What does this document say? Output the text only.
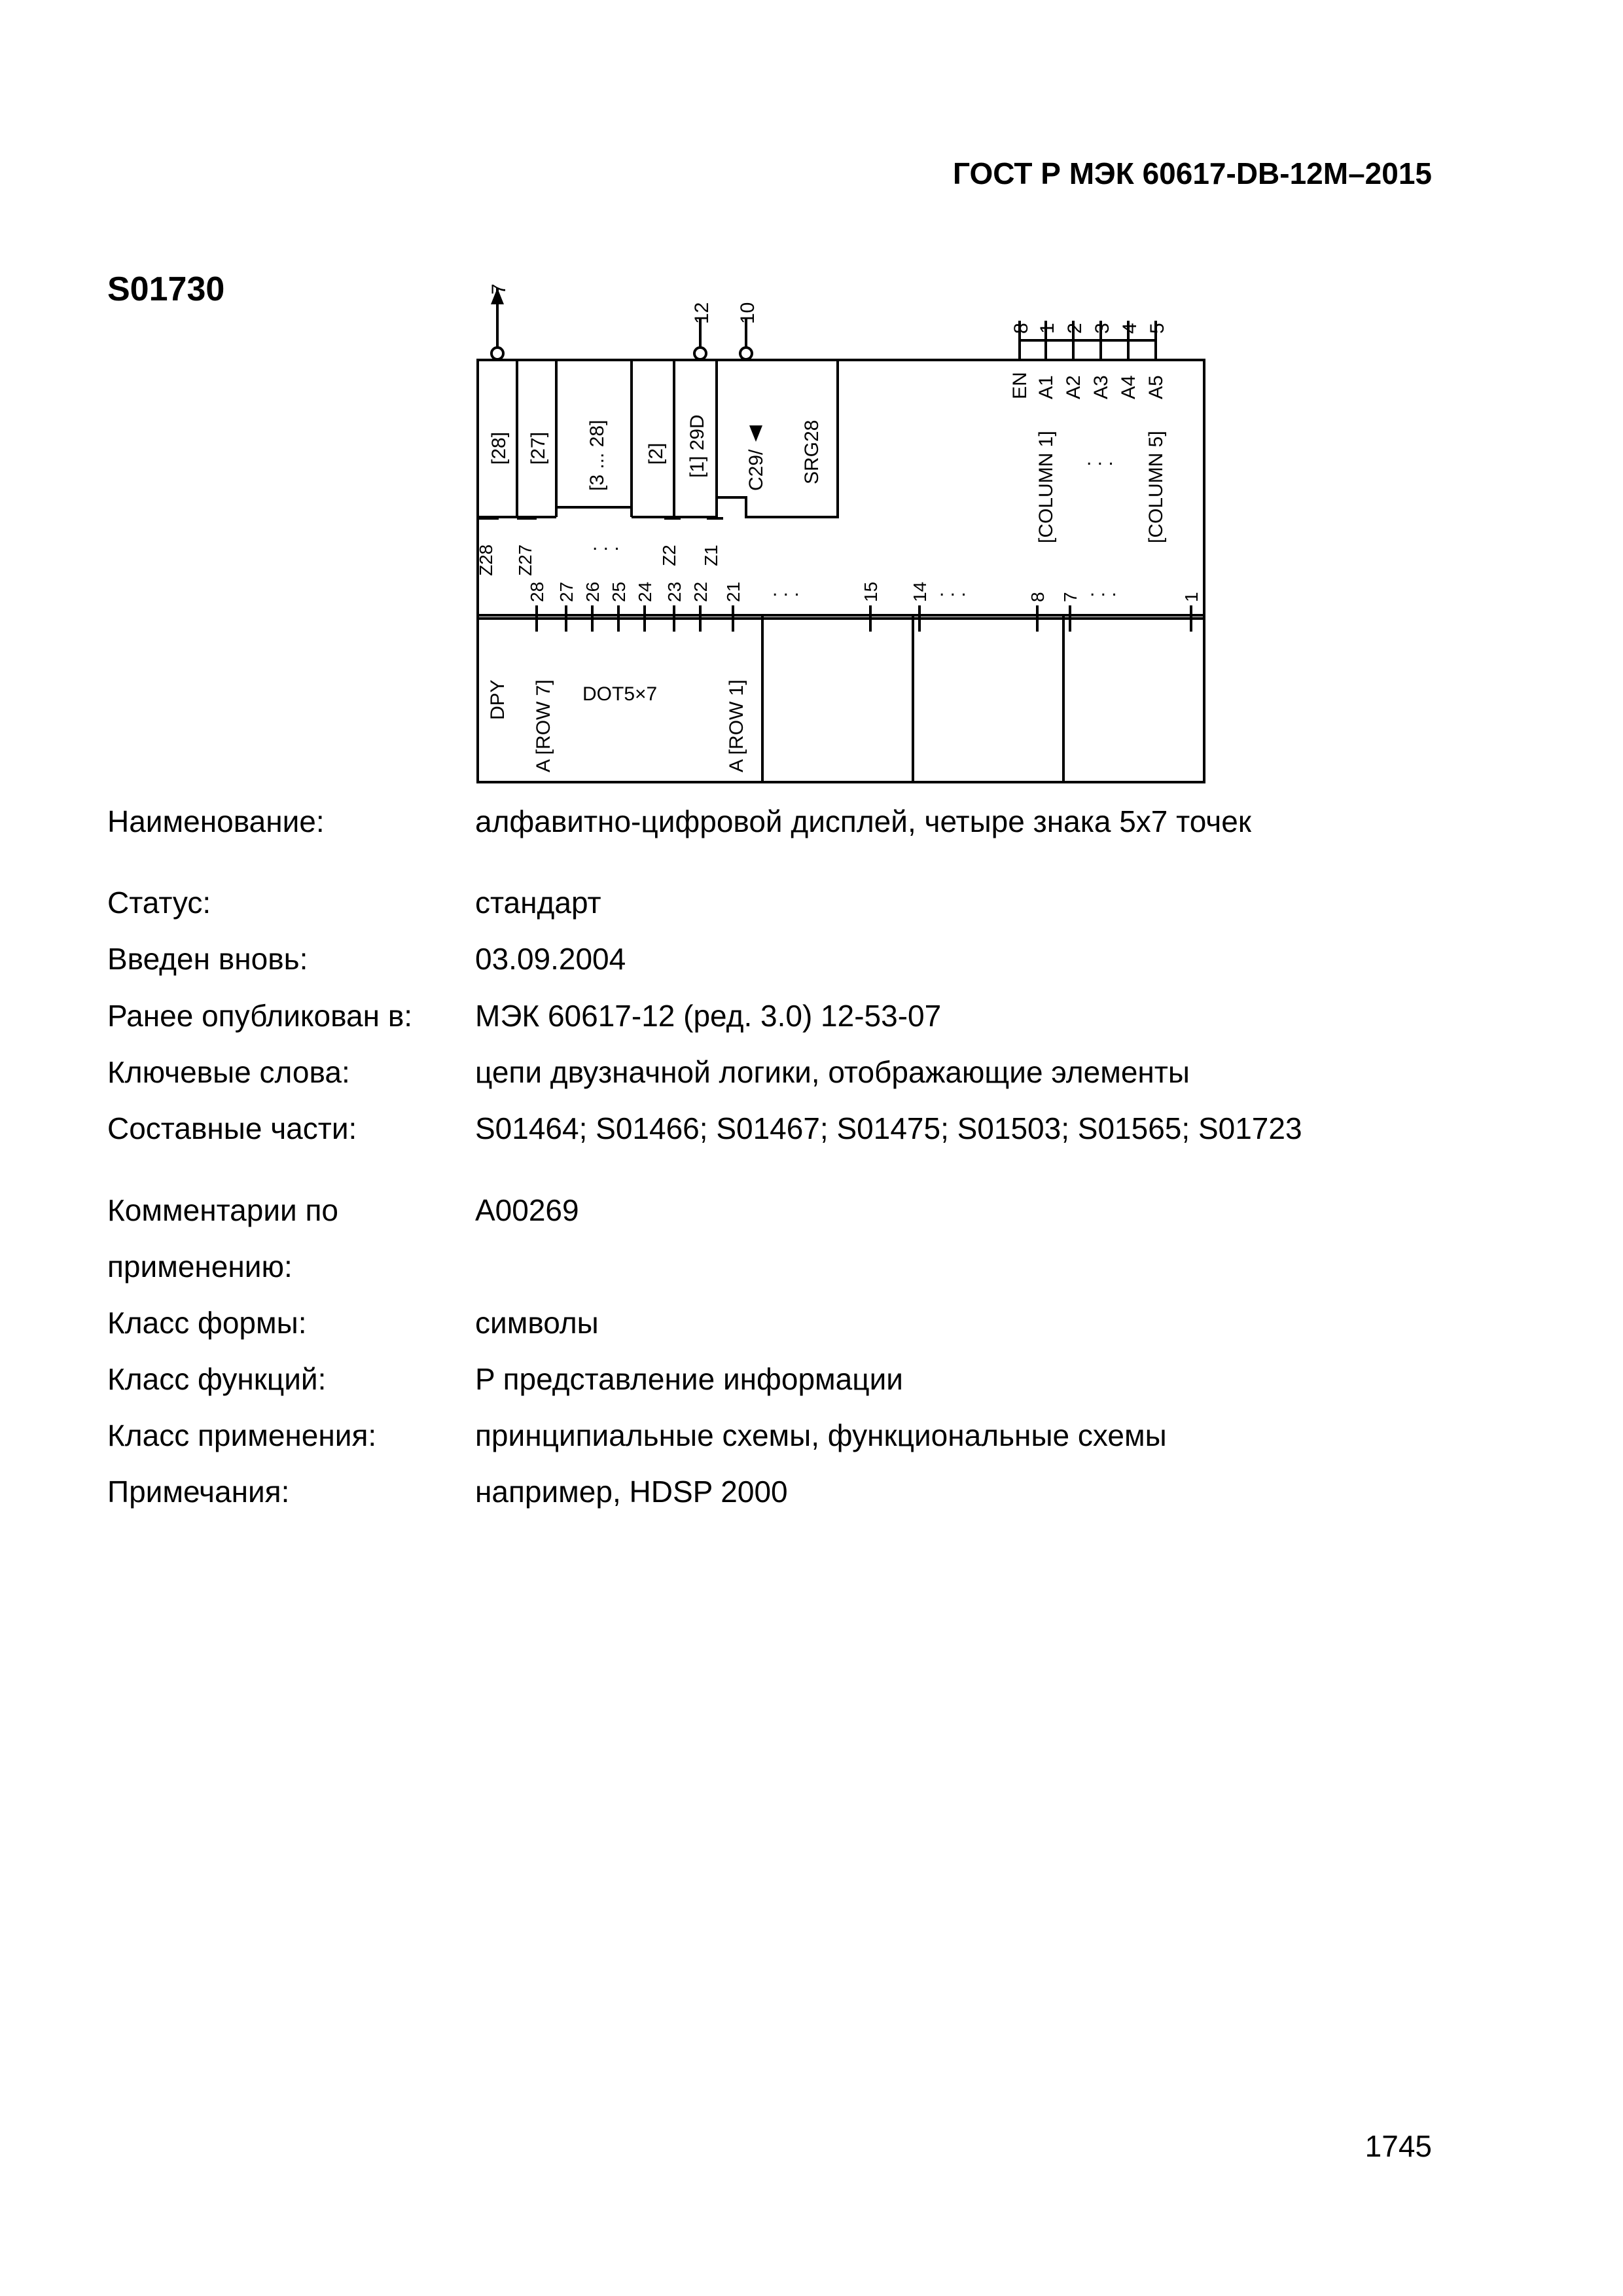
ГОСТ Р МЭК 60617-DB-12M–2015
S01730	7
12 10
8 1 2 3 4 5
[28] [27] [3 ... 28] [2] [1] 29D C29/ SRG28
EN A1 A2 A3 A4 A5
[COLUMN 1]	[COLUMN 5]
. . .
Z28 Z27	Z2 Z1
. . .
28 27 26 25 24 23 22 21	15 14	8 7	1
. . .	. . .	. . .
DPY A [ROW 7] DOT5×7	A [ROW 1]
Наименование:	алфавитно-цифровой дисплей, четыре знака 5x7 точек
Статус:	стандарт
Введен вновь:	03.09.2004
Ранее опубликован в: МЭК 60617-12 (ред. 3.0) 12-53-07
Ключевые слова:	цепи двузначной логики, отображающие элементы
Составные части:	S01464; S01466; S01467; S01475; S01503; S01565; S01723
Комментарии по	A00269
применению:
Класс формы:	символы
Класс функций:	P представление информации
Класс применения:	принципиальные схемы, функциональные схемы
Примечания:	например, HDSP 2000
1745
